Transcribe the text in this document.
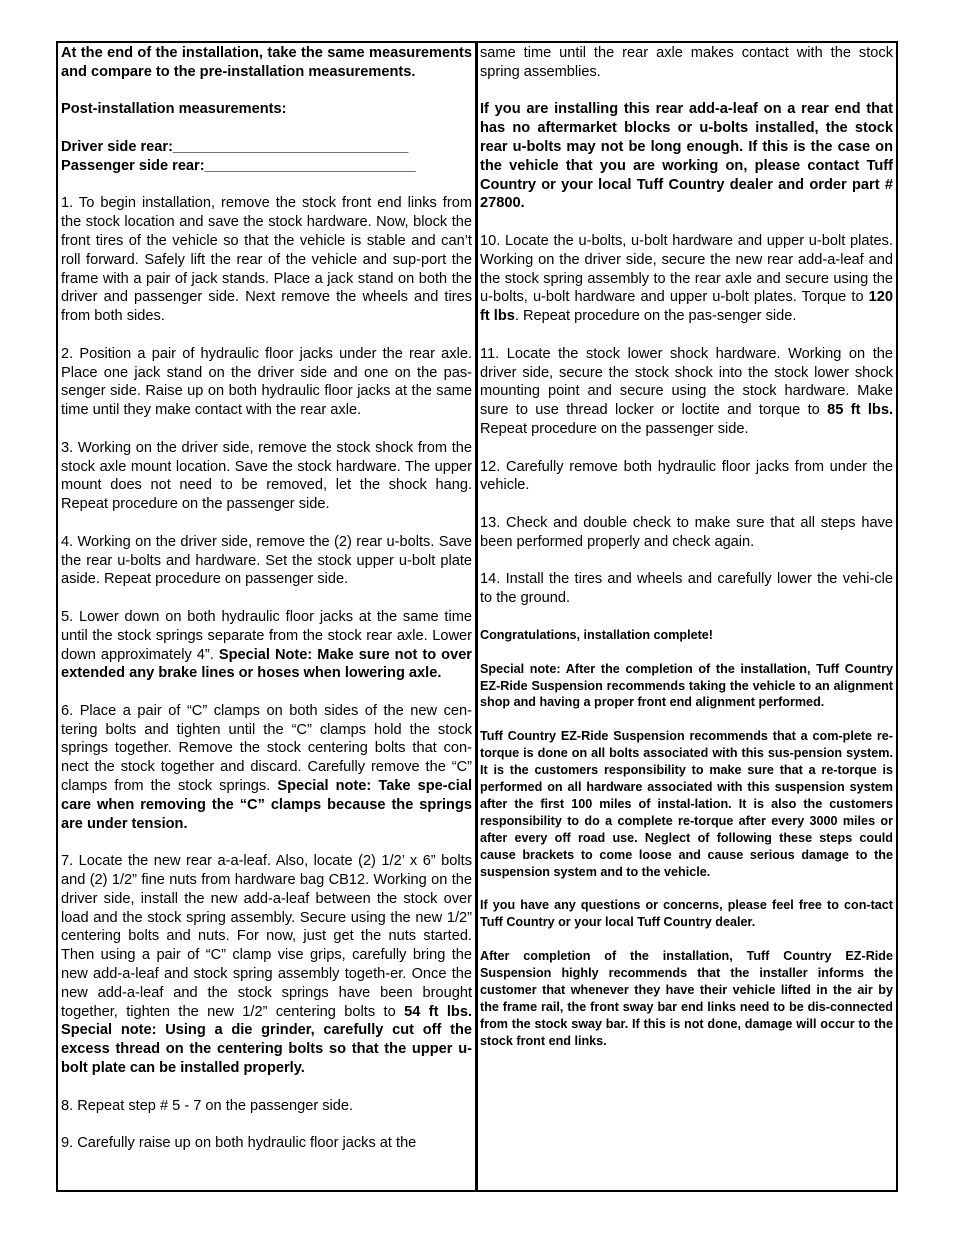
At the end of the installation, take the same measurements and compare to the pre-installation measurements.

Post-installation measurements:

Driver side rear:_____________________________
Passenger side rear:__________________________

1. To begin installation, remove the stock front end links from the stock location and save the stock hardware. Now, block the front tires of the vehicle so that the vehicle is stable and can’t roll forward. Safely lift the rear of the vehicle and sup-port the frame with a pair of jack stands. Place a jack stand on both the driver and passenger side. Next remove the wheels and tires from both sides.

2. Position a pair of hydraulic floor jacks under the rear axle. Place one jack stand on the driver side and one on the pas-senger side. Raise up on both hydraulic floor jacks at the same time until they make contact with the rear axle.

3. Working on the driver side, remove the stock shock from the stock axle mount location. Save the stock hardware. The upper mount does not need to be removed, let the shock hang. Repeat procedure on the passenger side.

4. Working on the driver side, remove the (2) rear u-bolts. Save the rear u-bolts and hardware. Set the stock upper u-bolt plate aside. Repeat procedure on passenger side.

5. Lower down on both hydraulic floor jacks at the same time until the stock springs separate from the stock rear axle. Lower down approximately 4”. Special Note: Make sure not to over extended any brake lines or hoses when lowering axle.

6. Place a pair of “C” clamps on both sides of the new cen-tering bolts and tighten until the “C” clamps hold the stock springs together. Remove the stock centering bolts that con-nect the stock together and discard. Carefully remove the “C” clamps from the stock springs. Special note: Take spe-cial care when removing the “C” clamps because the springs are under tension.

7. Locate the new rear a-a-leaf. Also, locate (2) 1/2’ x 6” bolts and (2) 1/2” fine nuts from hardware bag CB12. Working on the driver side, install the new add-a-leaf between the stock over load and the stock spring assembly. Secure using the new 1/2” centering bolts and nuts. For now, just get the nuts started. Then using a pair of “C” clamp vise grips, carefully bring the new add-a-leaf and stock spring assembly togeth-er. Once the new add-a-leaf and the stock springs have been brought together, tighten the new 1/2” centering bolts to 54 ft lbs. Special note: Using a die grinder, carefully cut off the excess thread on the centering bolts so that the upper u-bolt plate can be installed properly.

8. Repeat step # 5 - 7 on the passenger side.

9. Carefully raise up on both hydraulic floor jacks at the

same time until the rear axle makes contact with the stock spring assemblies.

If you are installing this rear add-a-leaf on a rear end that has no aftermarket blocks or u-bolts installed, the stock rear u-bolts may not be long enough. If this is the case on the vehicle that you are working on, please contact Tuff Country or your local Tuff Country dealer and order part # 27800.

10. Locate the u-bolts, u-bolt hardware and upper u-bolt plates. Working on the driver side, secure the new rear add-a-leaf and the stock spring assembly to the rear axle and secure using the u-bolts, u-bolt hardware and upper u-bolt plates. Torque to 120 ft lbs. Repeat procedure on the pas-senger side.

11. Locate the stock lower shock hardware. Working on the driver side, secure the stock shock into the stock lower shock mounting point and secure using the stock hardware. Make sure to use thread locker or loctite and torque to 85 ft lbs. Repeat procedure on the passenger side.

12. Carefully remove both hydraulic floor jacks from under the vehicle.

13. Check and double check to make sure that all steps have been performed properly and check again.

14. Install the tires and wheels and carefully lower the vehi-cle to the ground.

Congratulations, installation complete!

Special note: After the completion of the installation, Tuff Country EZ-Ride Suspension recommends taking the vehicle to an alignment shop and having a proper front end alignment performed.

Tuff Country EZ-Ride Suspension recommends that a com-plete re-torque is done on all bolts associated with this sus-pension system. It is the customers responsibility to make sure that a re-torque is performed on all hardware associated with this suspension system after the first 100 miles of instal-lation. It is also the customers responsibility to do a complete re-torque after every 3000 miles or after every off road use. Neglect of following these steps could cause brackets to come loose and cause serious damage to the suspension system and to the vehicle.

If you have any questions or concerns, please feel free to con-tact Tuff Country or your local Tuff Country dealer.

After completion of the installation, Tuff Country EZ-Ride Suspension highly recommends that the installer informs the customer that whenever they have their vehicle lifted in the air by the frame rail, the front sway bar end links need to be dis-connected from the stock sway bar. If this is not done, damage will occur to the stock front end links.
